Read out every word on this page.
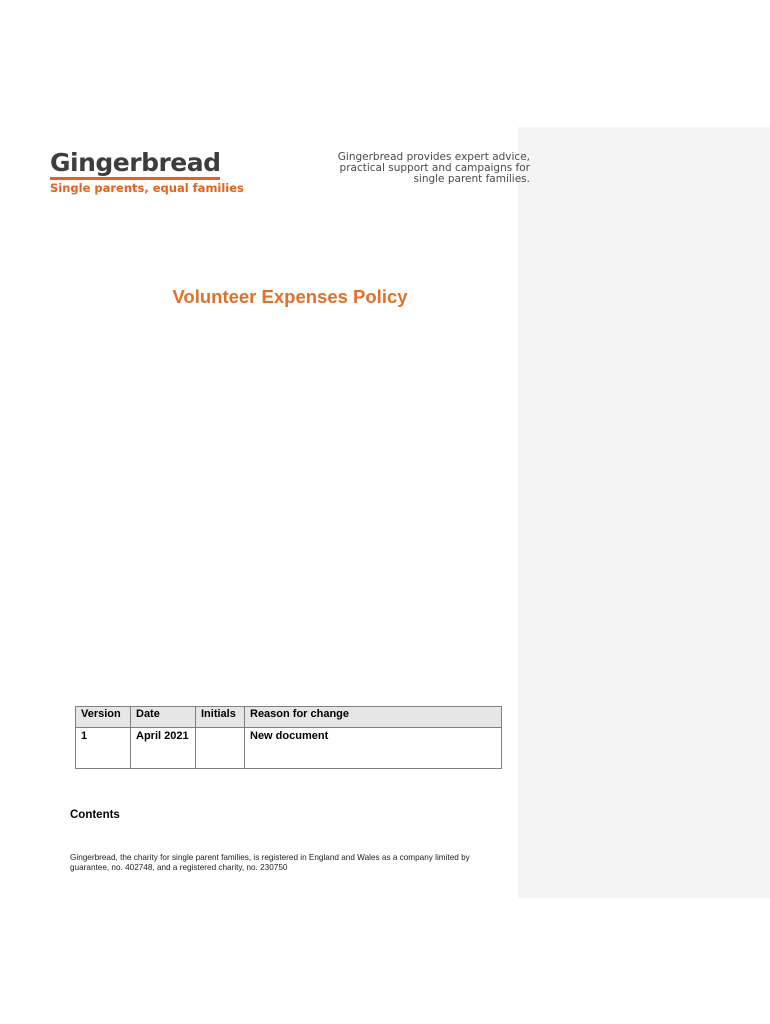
Gingerbread
Single parents, equal families
Gingerbread provides expert advice, practical support and campaigns for single parent families.
Volunteer Expenses Policy
Version	Date	Initials	Reason for change
1	April 2021		New document
Contents
Gingerbread, the charity for single parent families, is registered in England and Wales as a company limited by guarantee, no. 402748, and a registered charity, no. 230750
